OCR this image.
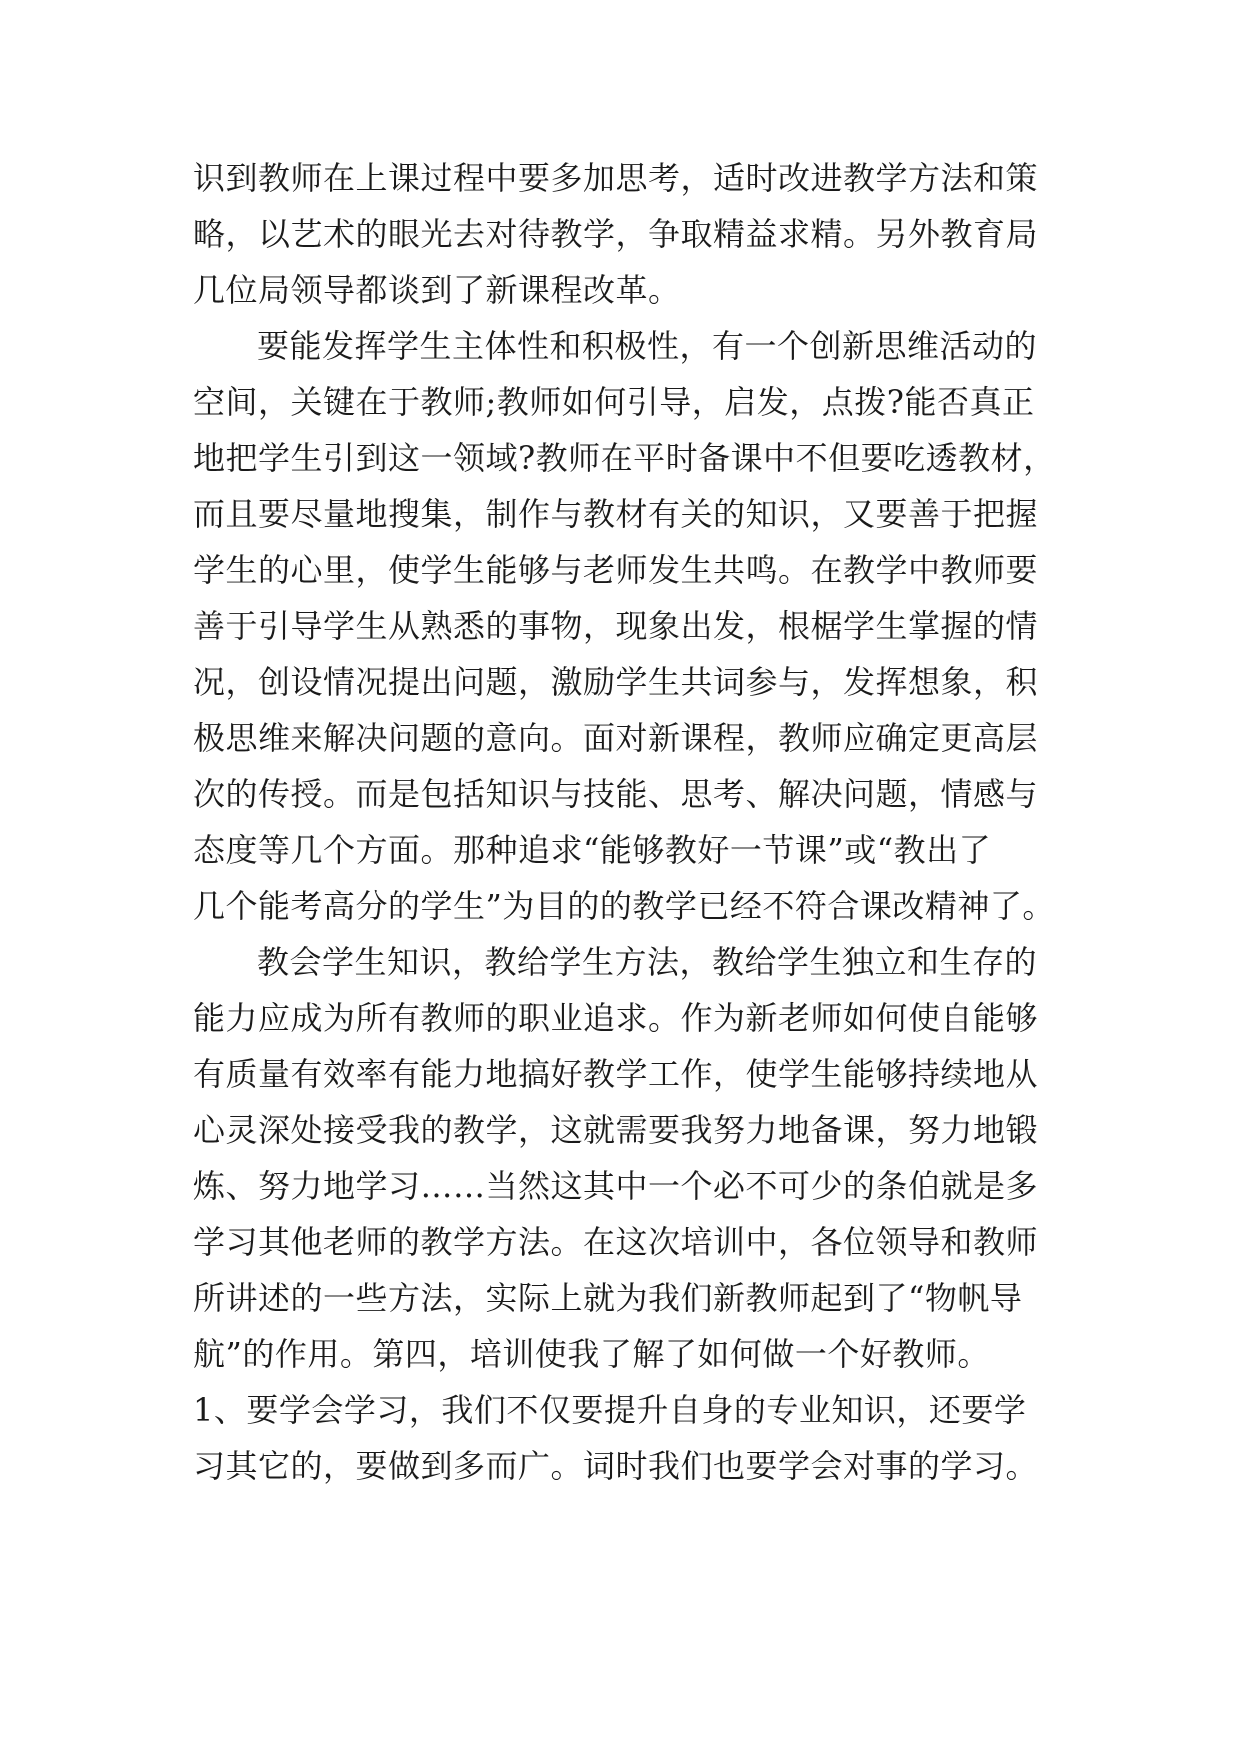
识到教师在上课过程中要多加思考，适时改进教学方法和策
略，以艺术的眼光去对待教学，争取精益求精。另外教育局
几位局领导都谈到了新课程改革。
要能发挥学生主体性和积极性，有一个创新思维活动的
空间，关键在于教师;教师如何引导，启发，点拨?能否真正
地把学生引到这一领域?教师在平时备课中不但要吃透教材，
而且要尽量地搜集，制作与教材有关的知识，又要善于把握
学生的心里，使学生能够与老师发生共鸣。在教学中教师要
善于引导学生从熟悉的事物，现象出发，根椐学生掌握的情
况，创设情况提出问题，激励学生共词参与，发挥想象，积
极思维来解决问题的意向。面对新课程，教师应确定更高层
次的传授。而是包括知识与技能、思考、解决问题，情感与
态度等几个方面。那种追求“能够教好一节课”或“教出了
几个能考高分的学生”为目的的教学已经不符合课改精神了。
教会学生知识，教给学生方法，教给学生独立和生存的
能力应成为所有教师的职业追求。作为新老师如何使自能够
有质量有效率有能力地搞好教学工作，使学生能够持续地从
心灵深处接受我的教学，这就需要我努力地备课，努力地锻
炼、努力地学习……当然这其中一个必不可少的条伯就是多
学习其他老师的教学方法。在这次培训中，各位领导和教师
所讲述的一些方法，实际上就为我们新教师起到了“物帆导
航”的作用。第四，培训使我了解了如何做一个好教师。
1、要学会学习，我们不仅要提升自身的专业知识，还要学
习其它的，要做到多而广。词时我们也要学会对事的学习。
